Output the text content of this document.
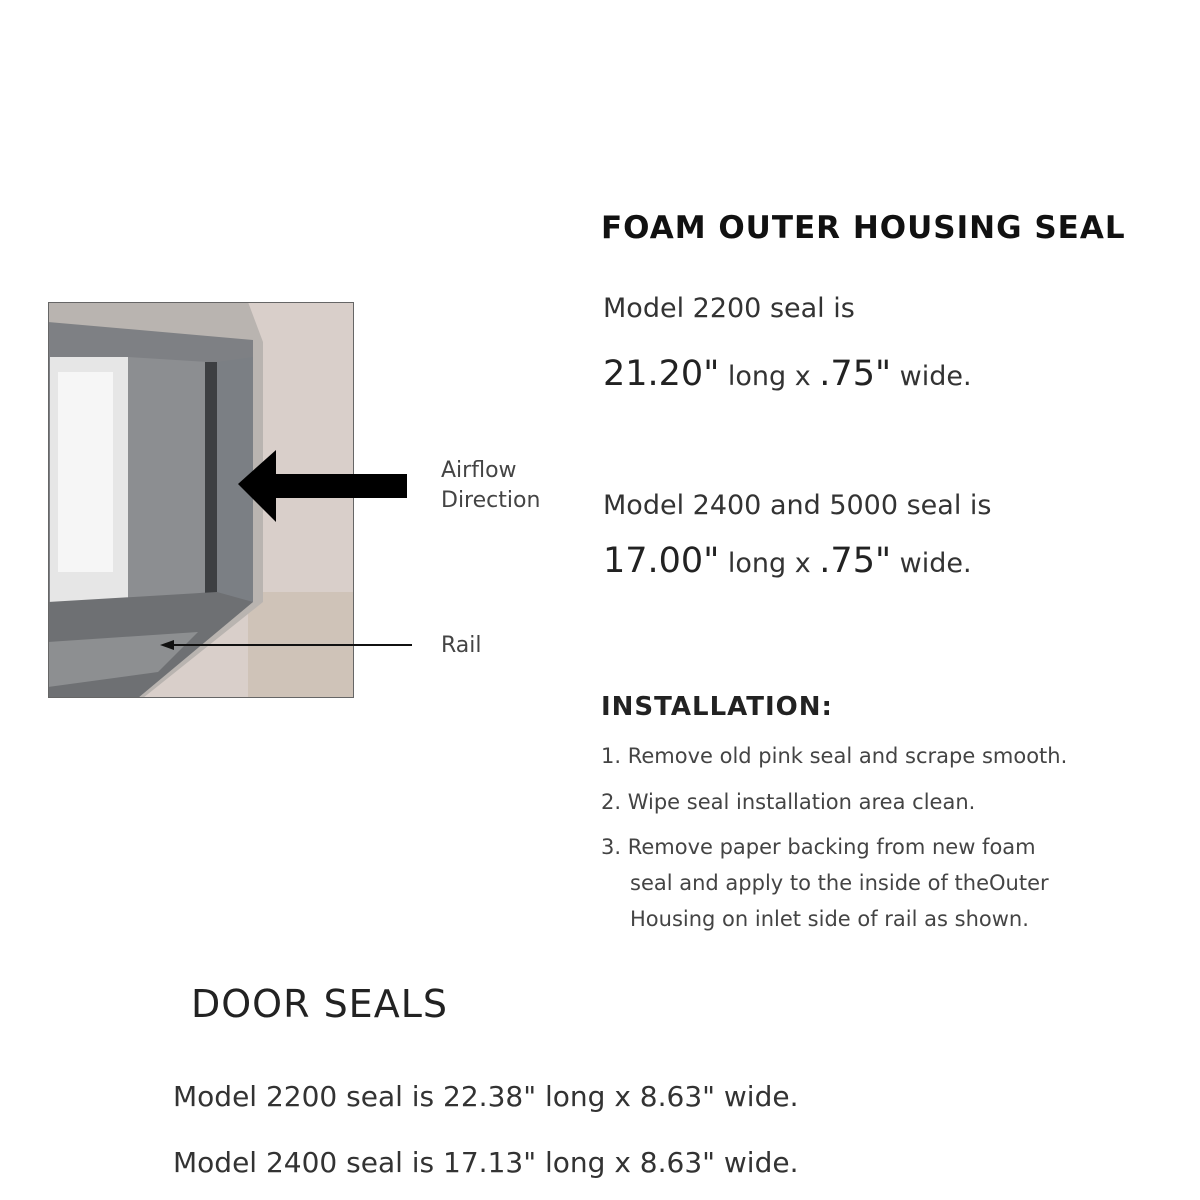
FOAM OUTER HOUSING SEAL
Model 2200 seal is
21.20" long x .75" wide.
Model 2400 and 5000 seal is
17.00" long x .75" wide.
Airflow
Direction
Rail
INSTALLATION:
1. Remove old pink seal and scrape smooth.
2. Wipe seal installation area clean.
3. Remove paper backing from new foam
seal and apply to the inside of theOuter
Housing on inlet side of rail as shown.
DOOR SEALS
Model 2200 seal is 22.38" long x 8.63" wide.
Model 2400 seal is 17.13" long x 8.63" wide.
